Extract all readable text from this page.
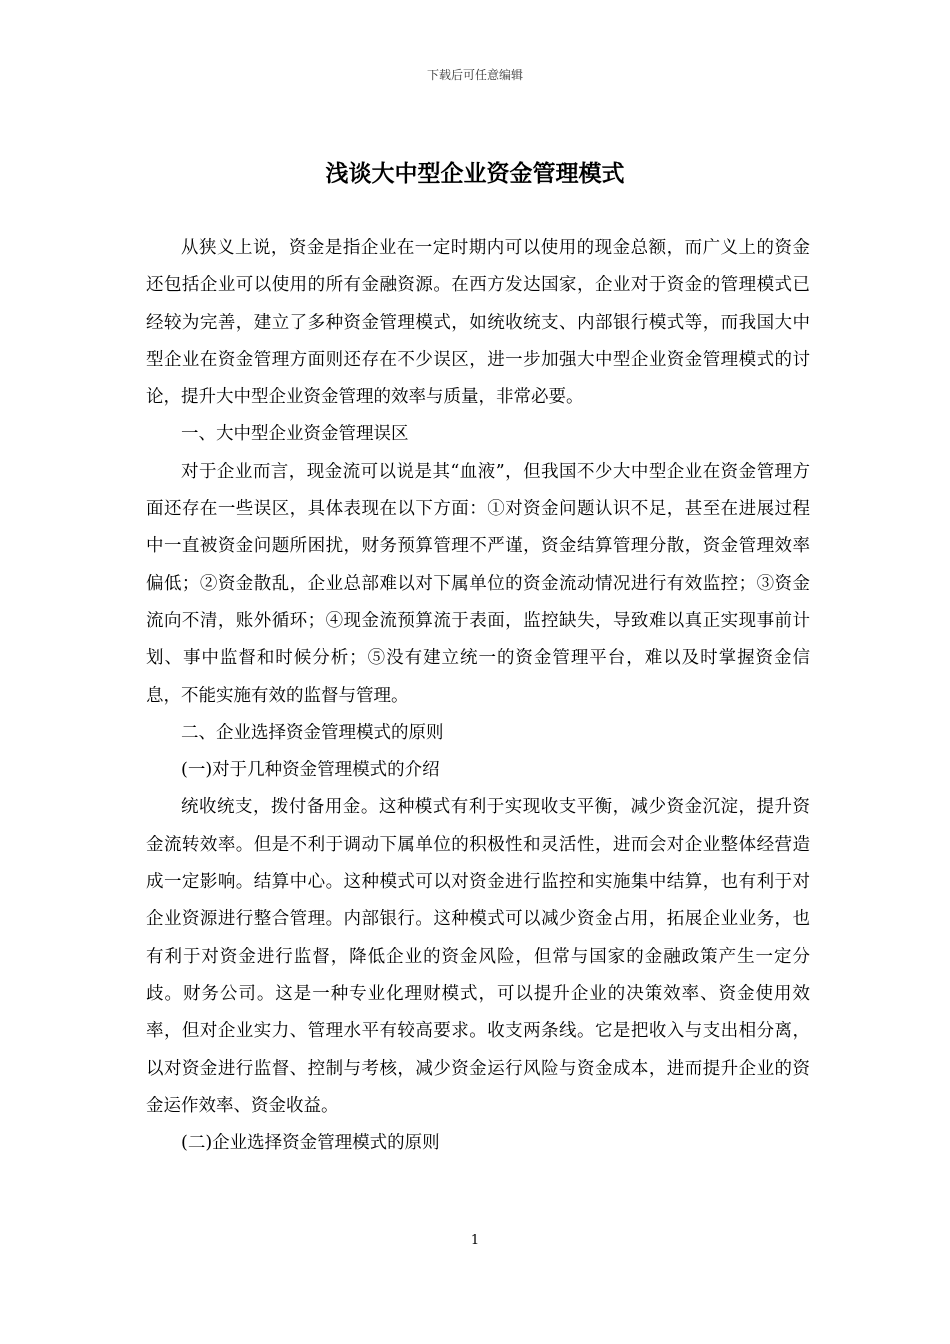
下载后可任意编辑
浅谈大中型企业资金管理模式

从狭义上说，资金是指企业在一定时期内可以使用的现金总额，而广义上的资金还包括企业可以使用的所有金融资源。在西方发达国家，企业对于资金的管理模式已经较为完善，建立了多种资金管理模式，如统收统支、内部银行模式等，而我国大中型企业在资金管理方面则还存在不少误区，进一步加强大中型企业资金管理模式的讨论，提升大中型企业资金管理的效率与质量，非常必要。

一、大中型企业资金管理误区

对于企业而言，现金流可以说是其“血液”，但我国不少大中型企业在资金管理方面还存在一些误区，具体表现在以下方面：①对资金问题认识不足，甚至在进展过程中一直被资金问题所困扰，财务预算管理不严谨，资金结算管理分散，资金管理效率偏低；②资金散乱，企业总部难以对下属单位的资金流动情况进行有效监控；③资金流向不清，账外循环；④现金流预算流于表面，监控缺失，导致难以真正实现事前计划、事中监督和时候分析；⑤没有建立统一的资金管理平台，难以及时掌握资金信息，不能实施有效的监督与管理。

二、企业选择资金管理模式的原则

(一)对于几种资金管理模式的介绍

统收统支，拨付备用金。这种模式有利于实现收支平衡，减少资金沉淀，提升资金流转效率。但是不利于调动下属单位的积极性和灵活性，进而会对企业整体经营造成一定影响。结算中心。这种模式可以对资金进行监控和实施集中结算，也有利于对企业资源进行整合管理。内部银行。这种模式可以减少资金占用，拓展企业业务，也有利于对资金进行监督，降低企业的资金风险，但常与国家的金融政策产生一定分歧。财务公司。这是一种专业化理财模式，可以提升企业的决策效率、资金使用效率，但对企业实力、管理水平有较高要求。收支两条线。它是把收入与支出相分离，以对资金进行监督、控制与考核，减少资金运行风险与资金成本，进而提升企业的资金运作效率、资金收益。

(二)企业选择资金管理模式的原则

1
